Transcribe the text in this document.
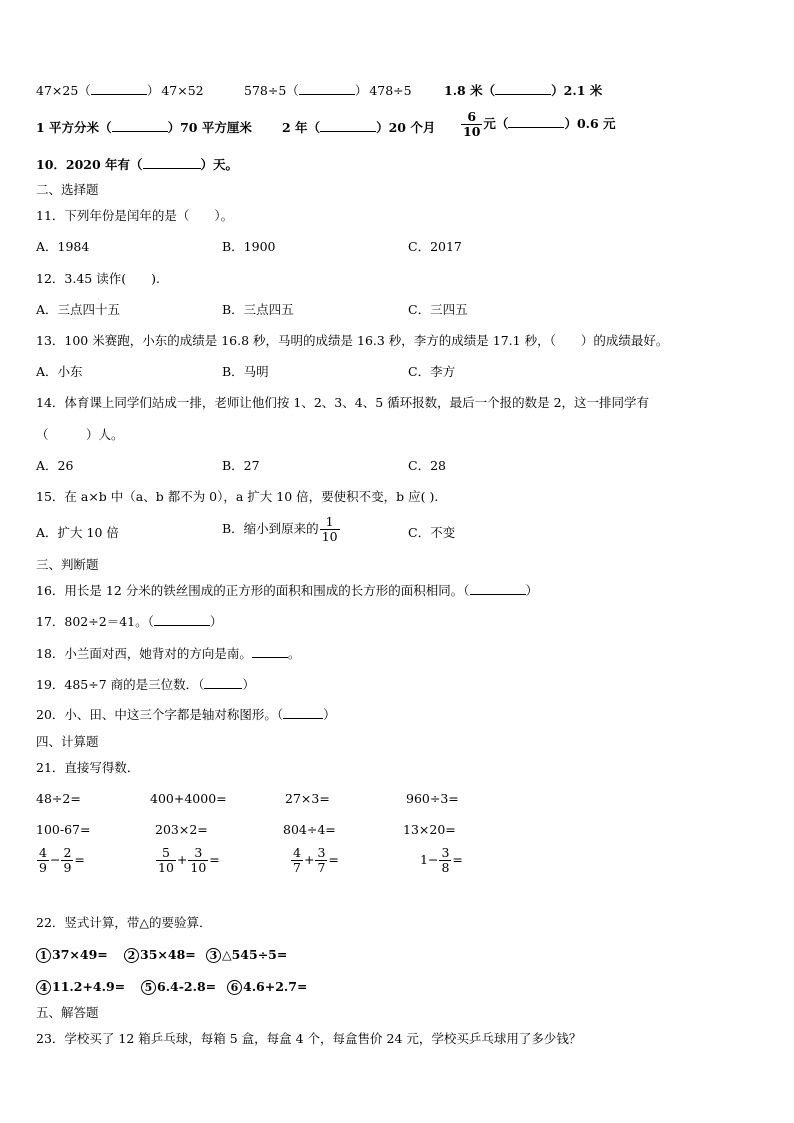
47×25（	） 47×52	578÷5（	） 478÷5	1.8 米（	）2.1 米
1 平方分米（	）70 平方厘米 2 年（	）20 个月 $\frac{6}{10}$ 元（	）0.6 元
10．2020 年有（	）天。
二、选择题
11．下列年份是闰年的是（　　）。
A．1984	B．1900	C．2017
12．3.45 读作(　　).
A．三点四十五	B．三点四五	C．三四五
13．100 米赛跑，小东的成绩是 16.8 秒，马明的成绩是 16.3 秒，李方的成绩是 17.1 秒，（　　）的成绩最好。
A．小东	B．马明	C．李方
14．体育课上同学们站成一排，老师让他们按 1、2、3、4、5 循环报数，最后一个报的数是 2，这一排同学有
（　　　）人。
A．26	B．27	C．28
15．在 a×b 中（a、b 都不为 0），a 扩大 10 倍，要使积不变，b 应( ).
A．扩大 10 倍	B．缩小到原来的 $\frac{1}{10}$	C．不变
三、判断题
16．用长是 12 分米的铁丝围成的正方形的面积和围成的长方形的面积相同。（	）
17．802÷2＝41。（	）
18．小兰面对西，她背对的方向是南。	。
19．485÷7 商的是三位数．（	）
20．小、田、中这三个字都是轴对称图形。（	）
四、计算题
21．直接写得数．
48÷2=	400+4000=	27×3=	960÷3=
100-67=	203×2=	804÷4=	13×20=
$\frac{4}{9} - \frac{2}{9}$ =	$\frac{5}{10} + \frac{3}{10}$ =	$\frac{4}{7} + \frac{3}{7}$ =	$1- \frac{3}{8}$ =
22．竖式计算，带△的要验算．
1 37×49=	2 35×48=	3 △545÷5=
4 11.2+4.9=	5 6.4-2.8=	6 4.6+2.7=
五、解答题
23．学校买了 12 箱乒乓球，每箱 5 盒，每盒 4 个，每盒售价 24 元，学校买乒乓球用了多少钱？
